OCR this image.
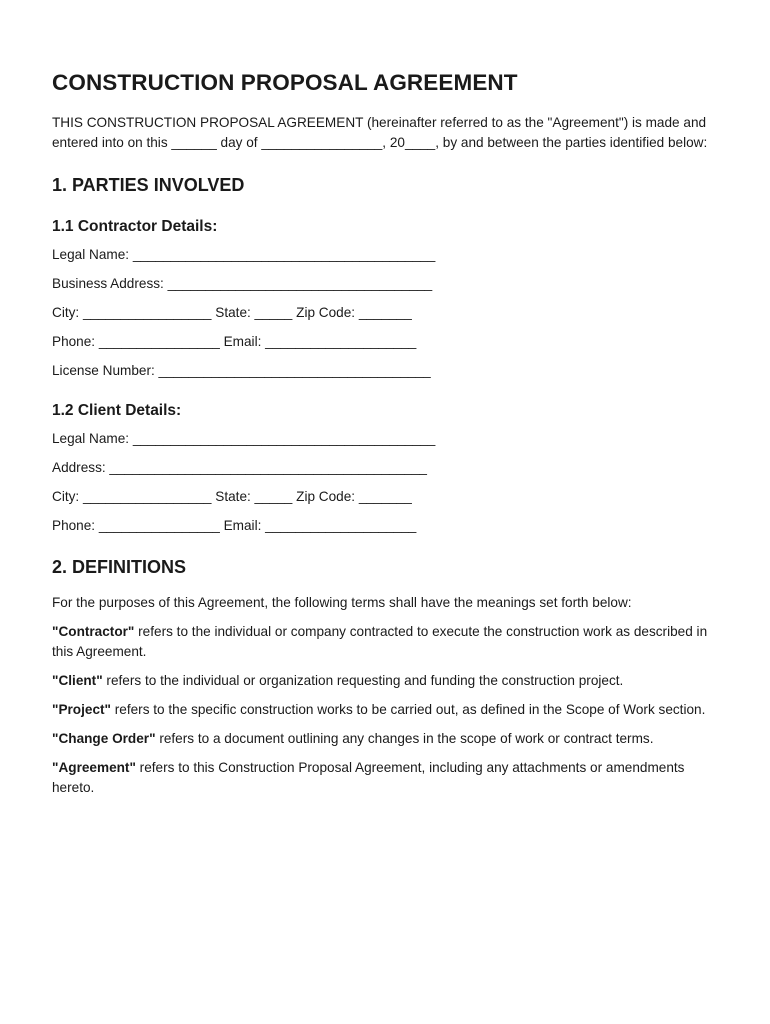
CONSTRUCTION PROPOSAL AGREEMENT

THIS CONSTRUCTION PROPOSAL AGREEMENT (hereinafter referred to as the "Agreement") is made and entered into on this ______ day of ________________, 20____, by and between the parties identified below:

1. PARTIES INVOLVED
1.1 Contractor Details:

Legal Name: ________________________________________

Business Address: ___________________________________

City: _________________ State: _____ Zip Code: _______

Phone: ________________ Email: ____________________

License Number: ____________________________________

1.2 Client Details:

Legal Name: ________________________________________

Address: __________________________________________

City: _________________ State: _____ Zip Code: _______

Phone: ________________ Email: ____________________

2. DEFINITIONS

For the purposes of this Agreement, the following terms shall have the meanings set forth below:

"Contractor" refers to the individual or company contracted to execute the construction work as described in this Agreement.

"Client" refers to the individual or organization requesting and funding the construction project.

"Project" refers to the specific construction works to be carried out, as defined in the Scope of Work section.

"Change Order" refers to a document outlining any changes in the scope of work or contract terms.

"Agreement" refers to this Construction Proposal Agreement, including any attachments or amendments hereto.
